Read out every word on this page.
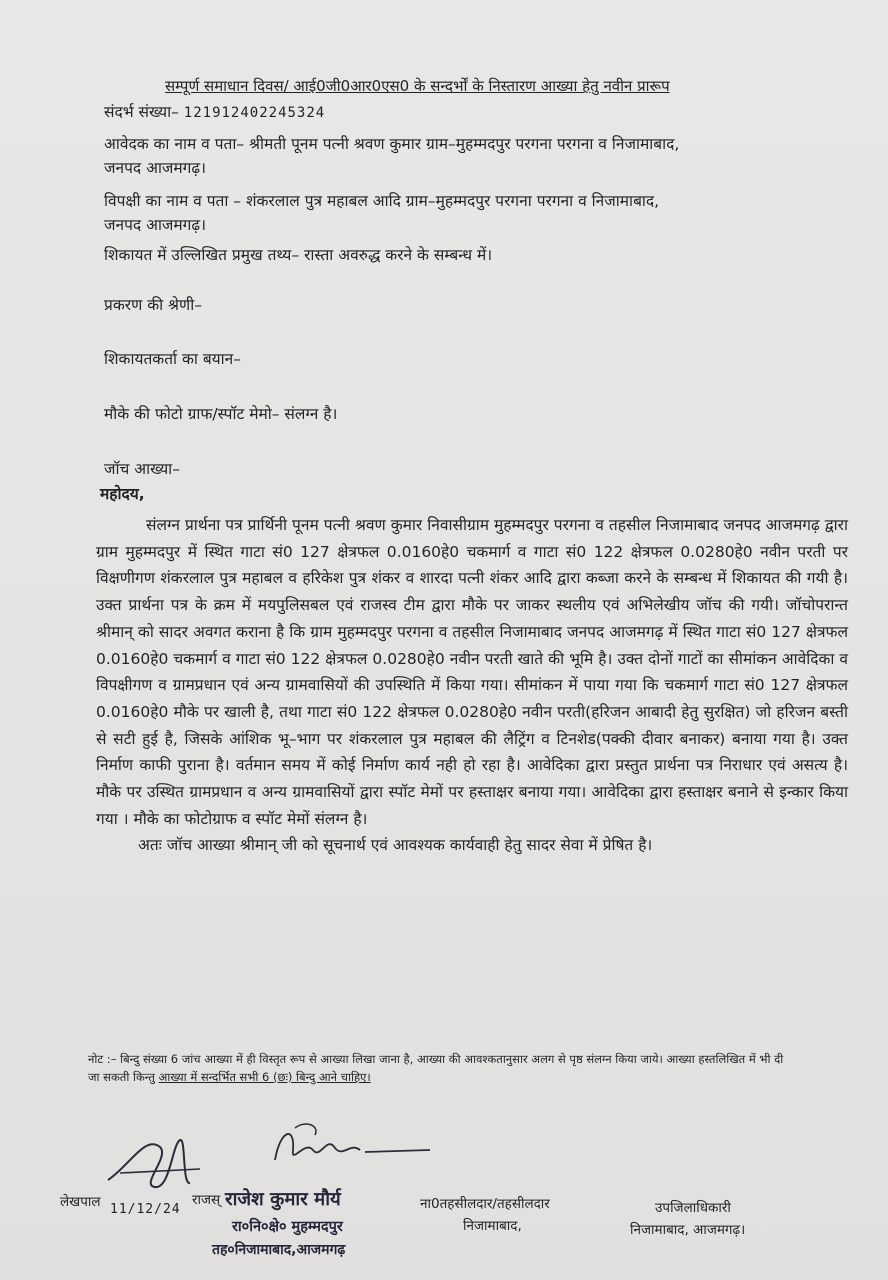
सम्पूर्ण समाधान दिवस/ आई0जी0आर0एस0 के सन्दर्भों के निस्तारण आख्या हेतु नवीन प्रारूप
संदर्भ संख्या– 121912402245324
आवेदक का नाम व पता– श्रीमती पूनम पत्नी श्रवण कुमार ग्राम–मुहम्मदपुर परगना परगना व निजामाबाद,
जनपद आजमगढ़।
विपक्षी का नाम व पता – शंकरलाल पुत्र महाबल आदि ग्राम–मुहम्मदपुर परगना परगना व निजामाबाद,
जनपद आजमगढ़।
शिकायत में उल्लिखित प्रमुख तथ्य– रास्ता अवरुद्ध करने के सम्बन्ध में।
प्रकरण की श्रेणी–
शिकायतकर्ता का बयान–
मौके की फोटो ग्राफ/स्पॉट मेमो– संलग्न है।
जॉच आख्या–
महोदय,

संलग्न प्रार्थना पत्र प्रार्थिनी पूनम पत्नी श्रवण कुमार निवासीग्राम मुहम्मदपुर परगना व तहसील निजामाबाद जनपद आजमगढ़ द्वारा ग्राम मुहम्मदपुर में स्थित गाटा सं0 127 क्षेत्रफल 0.0160हे0 चकमार्ग व गाटा सं0 122 क्षेत्रफल 0.0280हे0 नवीन परती पर विक्षणीगण शंकरलाल पुत्र महाबल व हरिकेश पुत्र शंकर व शारदा पत्नी शंकर आदि द्वारा कब्जा करने के सम्बन्ध में शिकायत की गयी है। उक्त प्रार्थना पत्र के क्रम में मयपुलिसबल एवं राजस्व टीम द्वारा मौके पर जाकर स्थलीय एवं अभिलेखीय जॉच की गयी। जॉचोपरान्त श्रीमान् को सादर अवगत कराना है कि ग्राम मुहम्मदपुर परगना व तहसील निजामाबाद जनपद आजमगढ़ में स्थित गाटा सं0 127 क्षेत्रफल 0.0160हे0 चकमार्ग व गाटा सं0 122 क्षेत्रफल 0.0280हे0 नवीन परती खाते की भूमि है। उक्त दोनों गाटों का सीमांकन आवेदिका व विपक्षीगण व ग्रामप्रधान एवं अन्य ग्रामवासियों की उपस्थिति में किया गया। सीमांकन में पाया गया कि चकमार्ग गाटा सं0 127 क्षेत्रफल 0.0160हे0 मौके पर खाली है, तथा गाटा सं0 122 क्षेत्रफल 0.0280हे0 नवीन परती(हरिजन आबादी हेतु सुरक्षित) जो हरिजन बस्ती से सटी हुई है, जिसके आंशिक भू–भाग पर शंकरलाल पुत्र महाबल की लैट्रिंग व टिनशेड(पक्की दीवार बनाकर) बनाया गया है। उक्त निर्माण काफी पुराना है। वर्तमान समय में कोई निर्माण कार्य नही हो रहा है। आवेदिका द्वारा प्रस्तुत प्रार्थना पत्र निराधार एवं असत्य है। मौके पर उस्थित ग्रामप्रधान व अन्य ग्रामवासियों द्वारा स्पॉट मेमों पर हस्ताक्षर बनाया गया। आवेदिका द्वारा हस्ताक्षर बनाने से इन्कार किया गया । मौके का फोटोग्राफ व स्पॉट मेमों संलग्न है।

अतः जॉच आख्या श्रीमान् जी को सूचनार्थ एवं आवश्यक कार्यवाही हेतु सादर सेवा में प्रेषित है।

नोट :– बिन्दु संख्या 6 जांच आख्या में ही विस्तृत रूप से आख्या लिखा जाना है, आख्या की आवश्कतानुसार अलग से पृष्ठ संलग्न किया जाये। आख्या हस्तलिखित में भी दी जा सकती किन्तु आख्या में सन्दर्भित सभी 6 (छः) बिन्दु आने चाहिए।
लेखपाल 11/12/24
राजस् राजेश कुमार मौर्य
रा०नि०क्षे० मुहम्मदपुर
तह०निजामाबाद,आजमगढ़
ना0तहसीलदार/तहसीलदार
निजामाबाद,
उपजिलाधिकारी
निजामाबाद, आजमगढ़।
